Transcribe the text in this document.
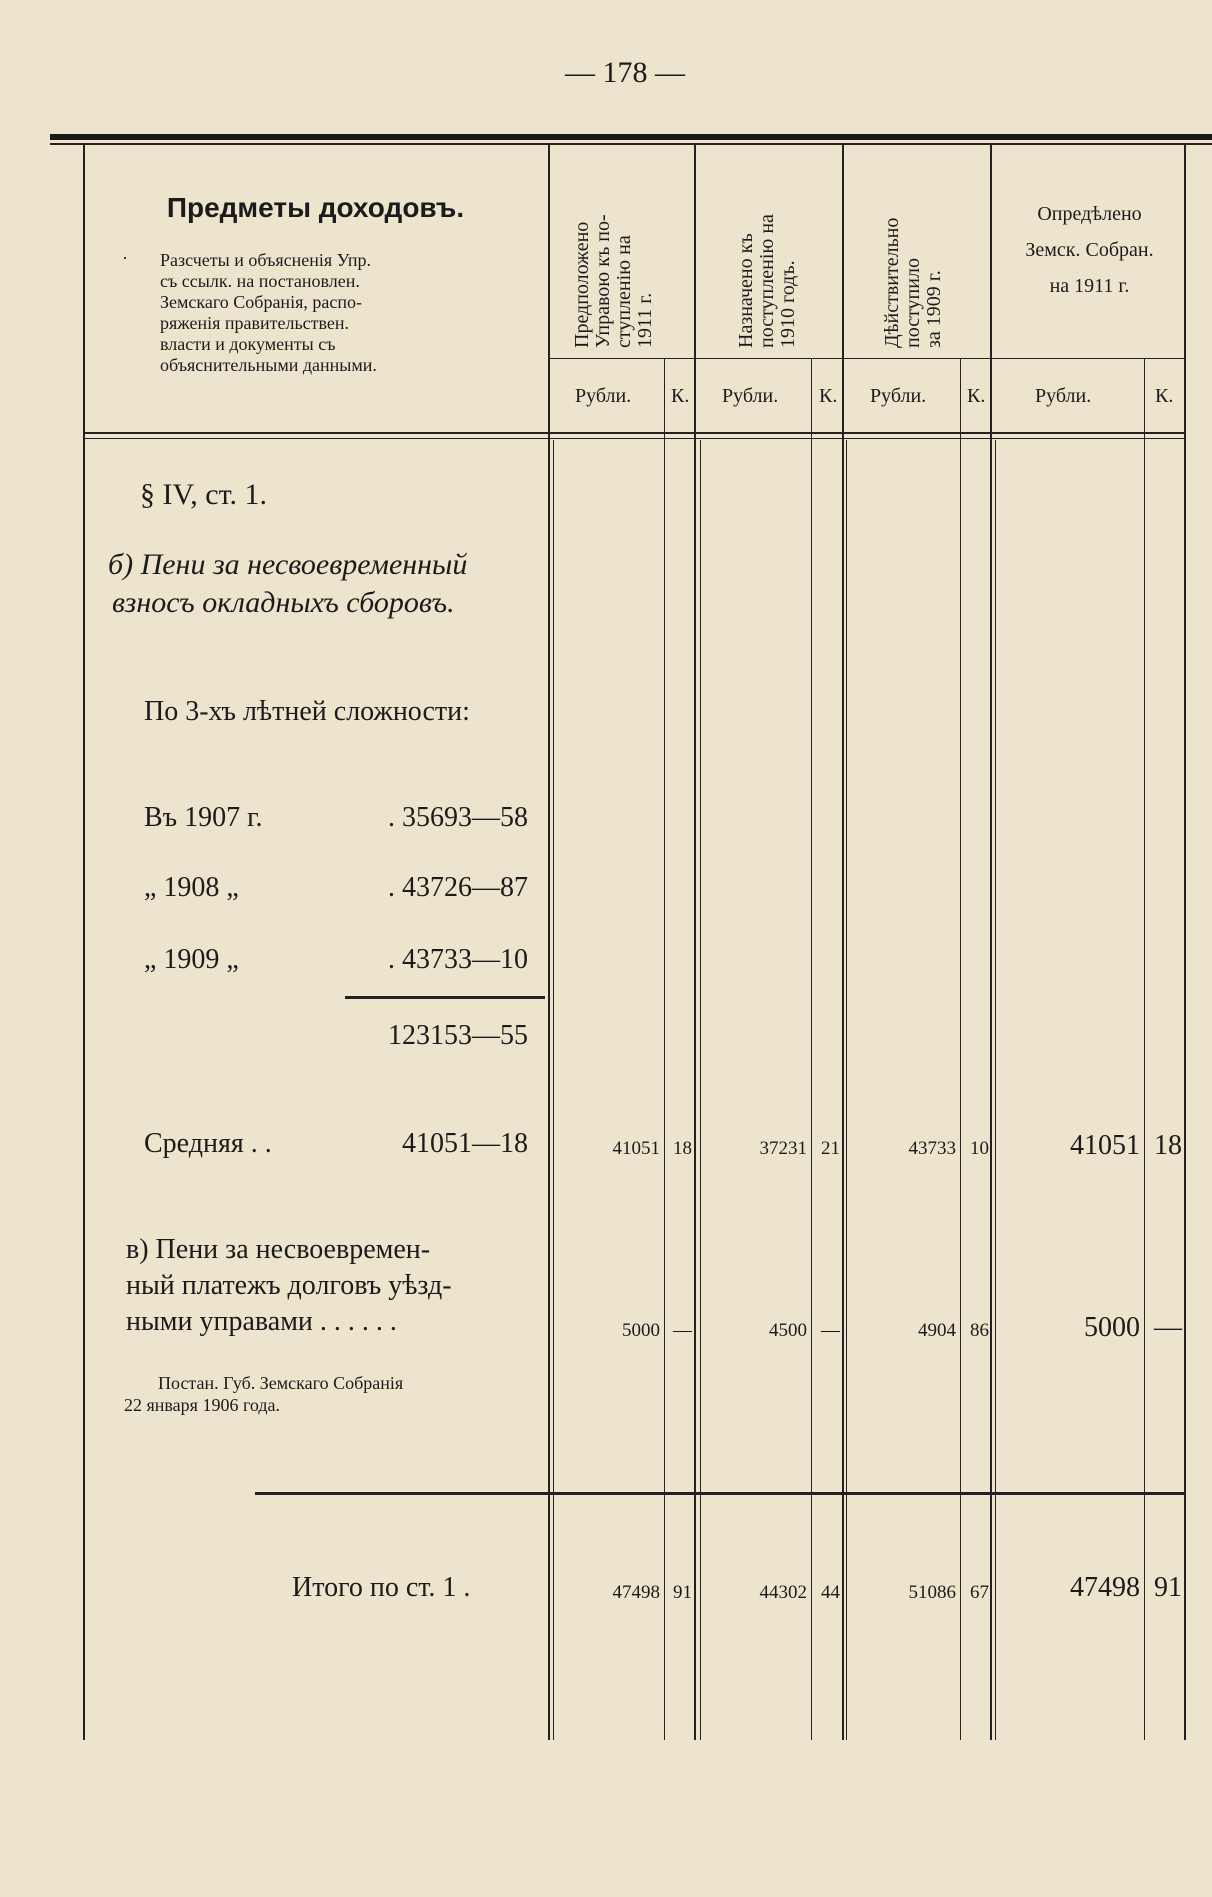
— 178 —
Предметы доходовъ.
· Разсчеты и объясненія Упр.
съ ссылк. на постановлен.
Земскаго Собранія, распо-
ряженія правительствен.
власти и документы съ
объяснительными данными.
Предположено Управою къ по- ступленію на 1911 г.	Назначено къ поступленію на 1910 годъ.	Дѣйствительно поступило за 1909 г.
Опредѣлено
Земск. Собран.
на 1911 г.
Рубли. К. Рубли. К. Рубли. К. Рубли.	К.
§ IV, ст. 1.
б) Пени за несвоевременный
взносъ окладныхъ сборовъ.
По 3-хъ лѣтней сложности:
Въ 1907 г.	. 35693—58
„ 1908 „	. 43726—87
„ 1909 „	. 43733—10
123153—55
Средняя . .	41051—18	41051 18	37231 21	43733 10	41051 18
в) Пени за несвоевремен-
ный платежъ долговъ уѣзд-
ными управами . . . . . .	5000 —	4500 —	4904 86	5000 —
Постан. Губ. Земскаго Собранія
22 января 1906 года.
Итого по ст. 1 .	47498 91	44302 44	51086 67	47498 91
